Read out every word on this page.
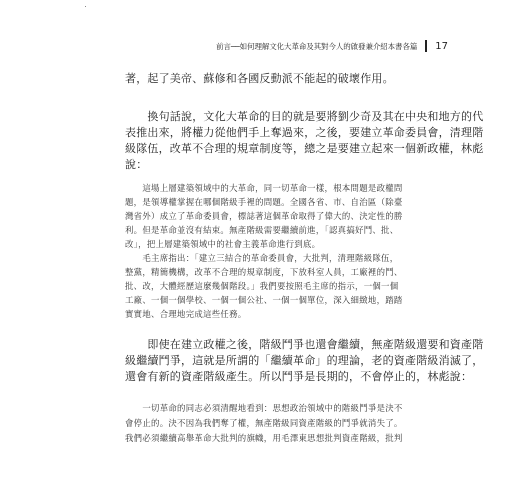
前言──如何理解文化大革命及其對今人的啟發兼介紹本書各篇 17
著，起了美帝、蘇修和各國反動派不能起的破壞作用。
　　換句話說，文化大革命的目的就是要將劉少奇及其在中央和地方的代
表推出來，將權力從他們手上奪過來，之後，要建立革命委員會，清理階
級隊伍，改革不合理的規章制度等，總之是要建立起來一個新政權，林彪
說：
　　這場上層建築領域中的大革命，同一切革命一樣，根本問題是政權問
題，是領導權掌握在哪個階級手裡的問題。全國各省、市、自治區（除臺
灣省外）成立了革命委員會，標誌著這個革命取得了偉大的、決定性的勝
利。但是革命並沒有結束。無產階級需要繼續前進，「認真搞好鬥、批、
改」，把上層建築領域中的社會主義革命進行到底。
　　毛主席指出：「建立三結合的革命委員會，大批判，清理階級隊伍，
整黨，精簡機構，改革不合理的規章制度，下放科室人員，工廠裡的鬥、
批、改，大體經歷這麼幾個階段。」我們要按照毛主席的指示，一個一個
工廠、一個一個學校、一個一個公社、一個一個單位，深入細緻地，踏踏
實實地、合理地完成這些任務。
　　即使在建立政權之後，階級鬥爭也還會繼續，無產階級還要和資產階
級繼續鬥爭，這就是所謂的「繼續革命」的理論，老的資產階級消滅了，
還會有新的資產階級產生。所以鬥爭是長期的，不會停止的，林彪說：
　　一切革命的同志必須清醒地看到：思想政治領域中的階級鬥爭是決不
會停止的。決不因為我們奪了權，無產階級同資產階級的鬥爭就消失了。
我們必須繼續高舉革命大批判的旗幟，用毛澤東思想批判資產階級，批判
